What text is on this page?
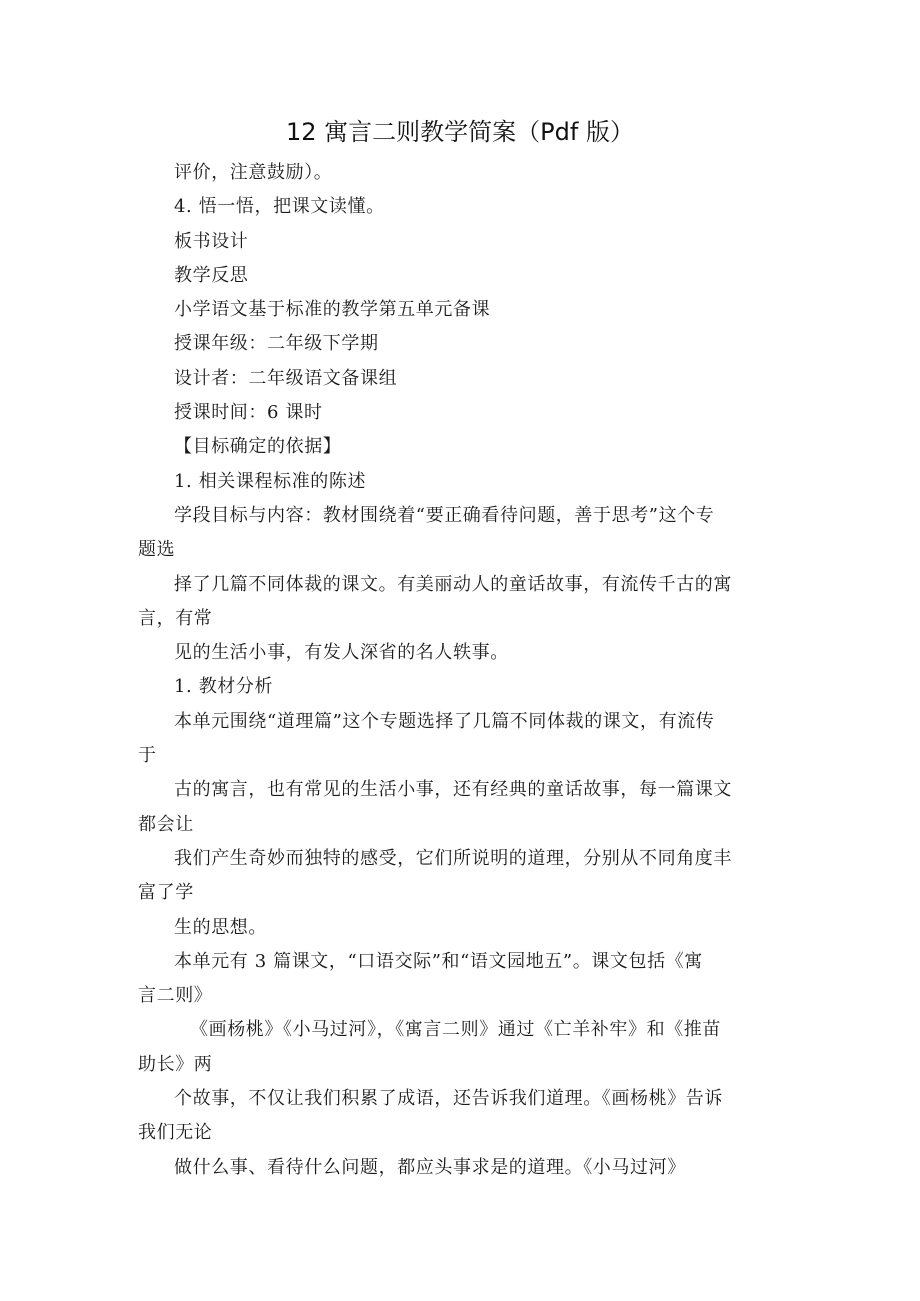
12 寓言二则教学简案（Pdf 版）
评价，注意鼓励）。
4. 悟一悟，把课文读懂。
板书设计
教学反思
小学语文基于标准的教学第五单元备课
授课年级：二年级下学期
设计者：二年级语文备课组
授课时间：6 课时
【目标确定的依据】
1. 相关课程标准的陈述
学段目标与内容：教材围绕着“要正确看待问题，善于思考”这个专
题选
择了几篇不同体裁的课文。有美丽动人的童话故事，有流传千古的寓
言，有常
见的生活小事，有发人深省的名人轶事。
1. 教材分析
本单元围绕“道理篇”这个专题选择了几篇不同体裁的课文，有流传
于
古的寓言，也有常见的生活小事，还有经典的童话故事，每一篇课文
都会让
我们产生奇妙而独特的感受，它们所说明的道理，分别从不同角度丰
富了学
生的思想。
本单元有 3 篇课文，“口语交际”和“语文园地五”。课文包括《寓
言二则》
《画杨桃》《小马过河》，《寓言二则》通过《亡羊补牢》和《推苗
助长》两
个故事，不仅让我们积累了成语，还告诉我们道理。《画杨桃》告诉
我们无论
做什么事、看待什么问题，都应头事求是的道理。《小马过河》
